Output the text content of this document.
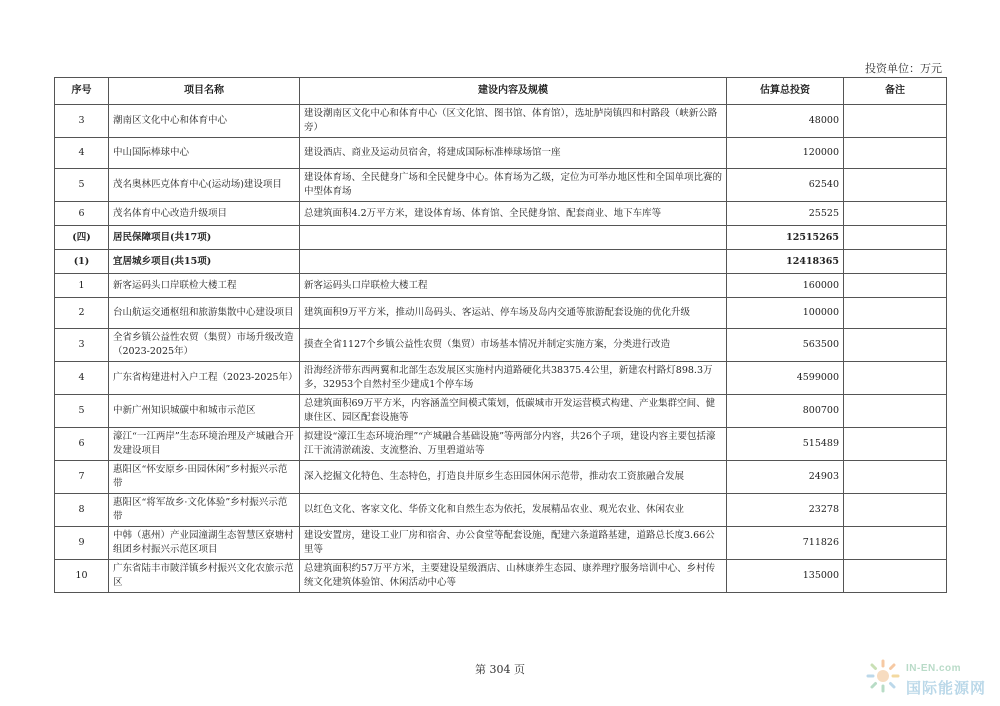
投资单位：万元
序号	项目名称	建设内容及规模	估算总投资	备注
3	潮南区文化中心和体育中心	建设潮南区文化中心和体育中心（区文化馆、图书馆、体育馆），选址胪岗镇四和村路段（峡新公路旁）	48000	
4	中山国际棒球中心	建设酒店、商业及运动员宿舍，将建成国际标准棒球场馆一座	120000	
5	茂名奥林匹克体育中心(运动场)建设项目	建设体育场、全民健身广场和全民健身中心。体育场为乙级，定位为可举办地区性和全国单项比赛的中型体育场	62540	
6	茂名体育中心改造升级项目	总建筑面积4.2万平方米，建设体育场、体育馆、全民健身馆、配套商业、地下车库等	25525	
(四)	居民保障项目(共17项)		12515265	
(1)	宜居城乡项目(共15项)		12418365	
1	新客运码头口岸联检大楼工程	新客运码头口岸联检大楼工程	160000	
2	台山航运交通枢纽和旅游集散中心建设项目	建筑面积9万平方米，推动川岛码头、客运站、停车场及岛内交通等旅游配套设施的优化升级	100000	
3	全省乡镇公益性农贸（集贸）市场升级改造（2023-2025年）	摸查全省1127个乡镇公益性农贸（集贸）市场基本情况并制定实施方案，分类进行改造	563500	
4	广东省构建进村入户工程（2023-2025年）	沿海经济带东西两翼和北部生态发展区实施村内道路硬化共38375.4公里，新建农村路灯898.3万多，32953个自然村至少建成1个停车场	4599000	
5	中新广州知识城碳中和城市示范区	总建筑面积69万平方米，内容涵盖空间模式策划，低碳城市开发运营模式构建、产业集群空间、健康住区、园区配套设施等	800700	
6	濠江“一江两岸”生态环境治理及产城融合开发建设项目	拟建设“濠江生态环境治理”“产城融合基础设施”等两部分内容，共26个子项，建设内容主要包括濠江干流清淤疏浚、支流整治、万里碧道站等	515489	
7	惠阳区“怀安原乡·田园休闲”乡村振兴示范带	深入挖掘文化特色、生态特色，打造良井原乡生态田园休闲示范带，推动农工资旅融合发展	24903	
8	惠阳区“将军故乡·文化体验”乡村振兴示范带	以红色文化、客家文化、华侨文化和自然生态为依托，发展精品农业、观光农业、休闲农业	23278	
9	中韩（惠州）产业园潼湖生态智慧区寮塘村组团乡村振兴示范区项目	建设安置房，建设工业厂房和宿舍、办公食堂等配套设施，配建六条道路基建，道路总长度3.66公里等	711826	
10	广东省陆丰市陂洋镇乡村振兴文化农旅示范区	总建筑面积约57万平方米，主要建设星级酒店、山林康养生态园、康养理疗服务培训中心、乡村传统文化建筑体验馆、休闲活动中心等	135000	
第 304 页	IN-EN.com
国际能源网
